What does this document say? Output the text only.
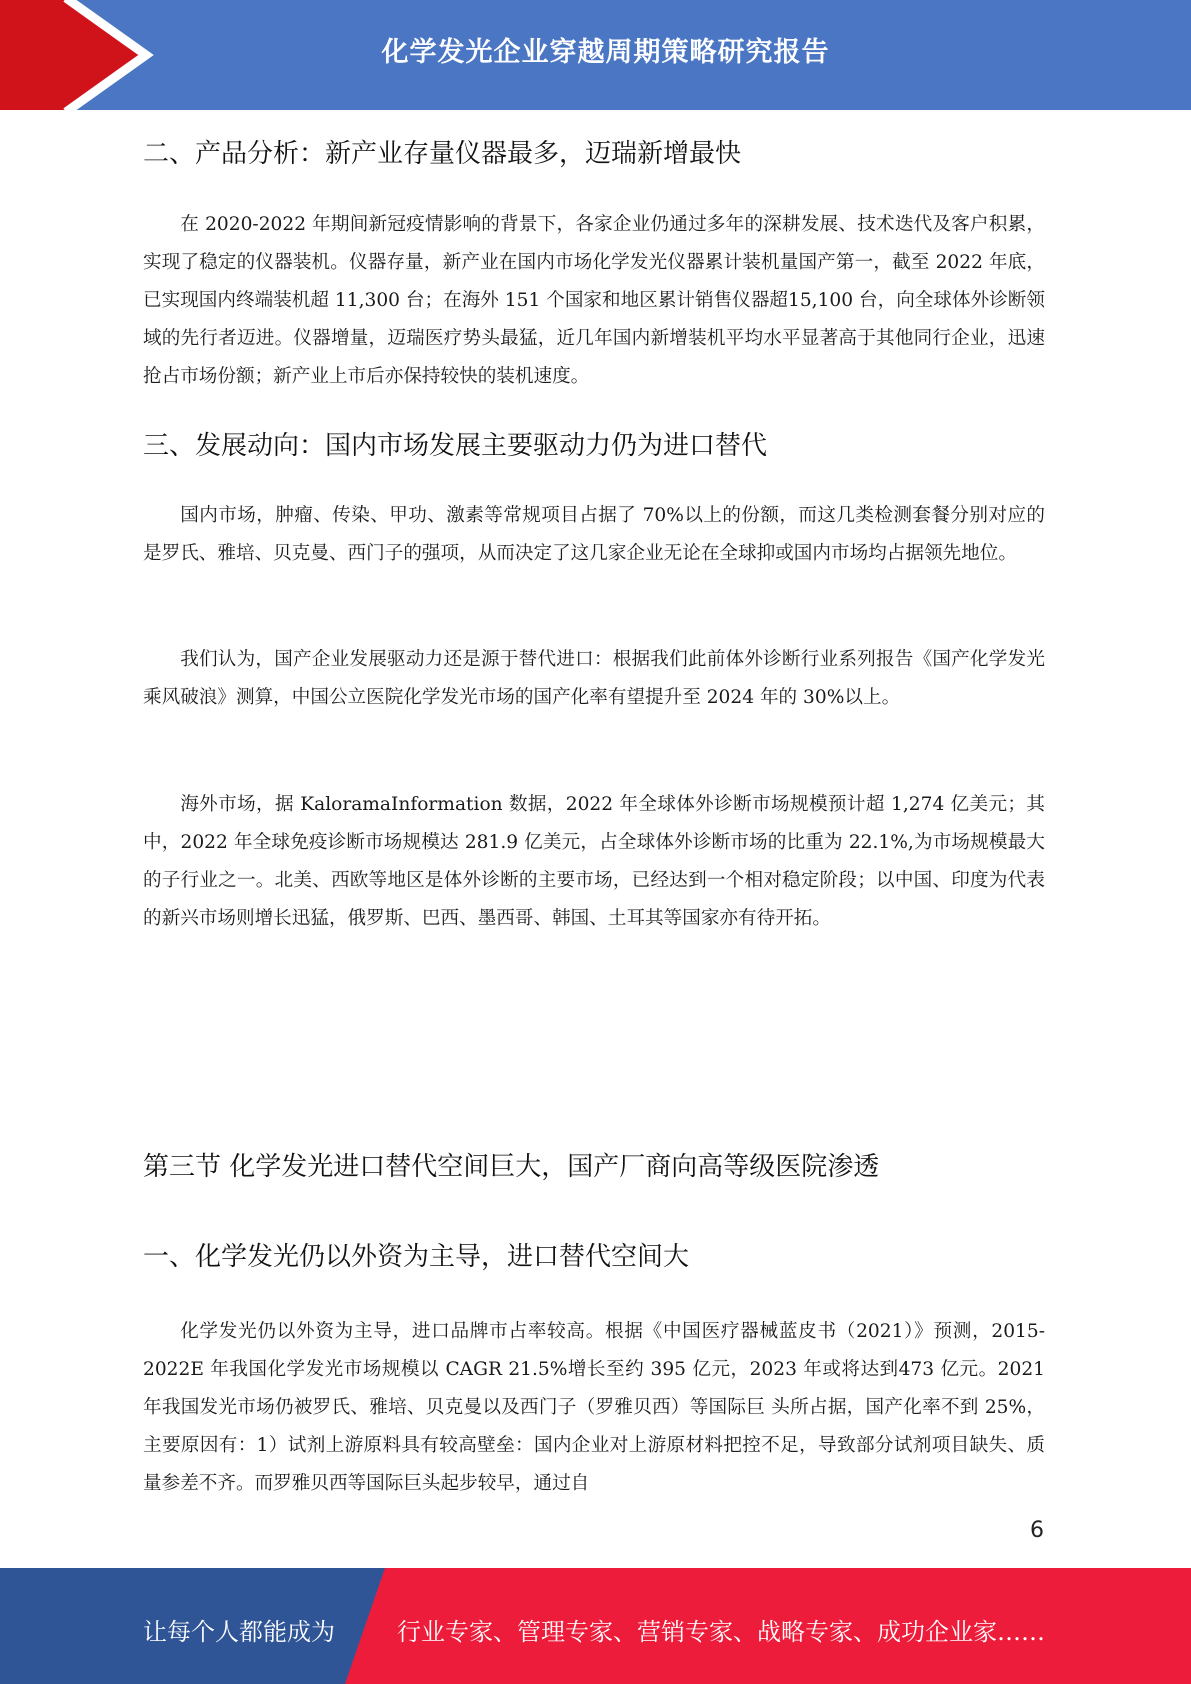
化学发光企业穿越周期策略研究报告
二、产品分析：新产业存量仪器最多，迈瑞新增最快

在 2020-2022 年期间新冠疫情影响的背景下，各家企业仍通过多年的深耕发展、技术迭代及客户积累，实现了稳定的仪器装机。仪器存量，新产业在国内市场化学发光仪器累计装机量国产第一，截至 2022 年底，已实现国内终端装机超 11,300 台；在海外 151 个国家和地区累计销售仪器超15,100 台，向全球体外诊断领域的先行者迈进。仪器增量，迈瑞医疗势头最猛，近几年国内新增装机平均水平显著高于其他同行企业，迅速抢占市场份额；新产业上市后亦保持较快的装机速度。

三、发展动向：国内市场发展主要驱动力仍为进口替代

国内市场，肿瘤、传染、甲功、激素等常规项目占据了 70%以上的份额，而这几类检测套餐分别对应的是罗氏、雅培、贝克曼、西门子的强项，从而决定了这几家企业无论在全球抑或国内市场均占据领先地位。

我们认为，国产企业发展驱动力还是源于替代进口：根据我们此前体外诊断行业系列报告《国产化学发光乘风破浪》测算，中国公立医院化学发光市场的国产化率有望提升至 2024 年的 30%以上。

海外市场，据 KaloramaInformation 数据，2022 年全球体外诊断市场规模预计超 1,274 亿美元；其中，2022 年全球免疫诊断市场规模达 281.9 亿美元，占全球体外诊断市场的比重为 22.1%,为市场规模最大的子行业之一。北美、西欧等地区是体外诊断的主要市场，已经达到一个相对稳定阶段；以中国、印度为代表的新兴市场则增长迅猛，俄罗斯、巴西、墨西哥、韩国、土耳其等国家亦有待开拓。

第三节 化学发光进口替代空间巨大，国产厂商向高等级医院渗透
一、化学发光仍以外资为主导，进口替代空间大

化学发光仍以外资为主导，进口品牌市占率较高。根据《中国医疗器械蓝皮书（2021）》预测，2015-2022E 年我国化学发光市场规模以 CAGR 21.5%增长至约 395 亿元，2023 年或将达到473 亿元。2021 年我国发光市场仍被罗氏、雅培、贝克曼以及西门子（罗雅贝西）等国际巨 头所占据，国产化率不到 25%，主要原因有：1）试剂上游原料具有较高壁垒：国内企业对上游原材料把控不足，导致部分试剂项目缺失、质 量参差不齐。而罗雅贝西等国际巨头起步较早，通过自

6
让每个人都能成为	行业专家、管理专家、营销专家、战略专家、成功企业家……
